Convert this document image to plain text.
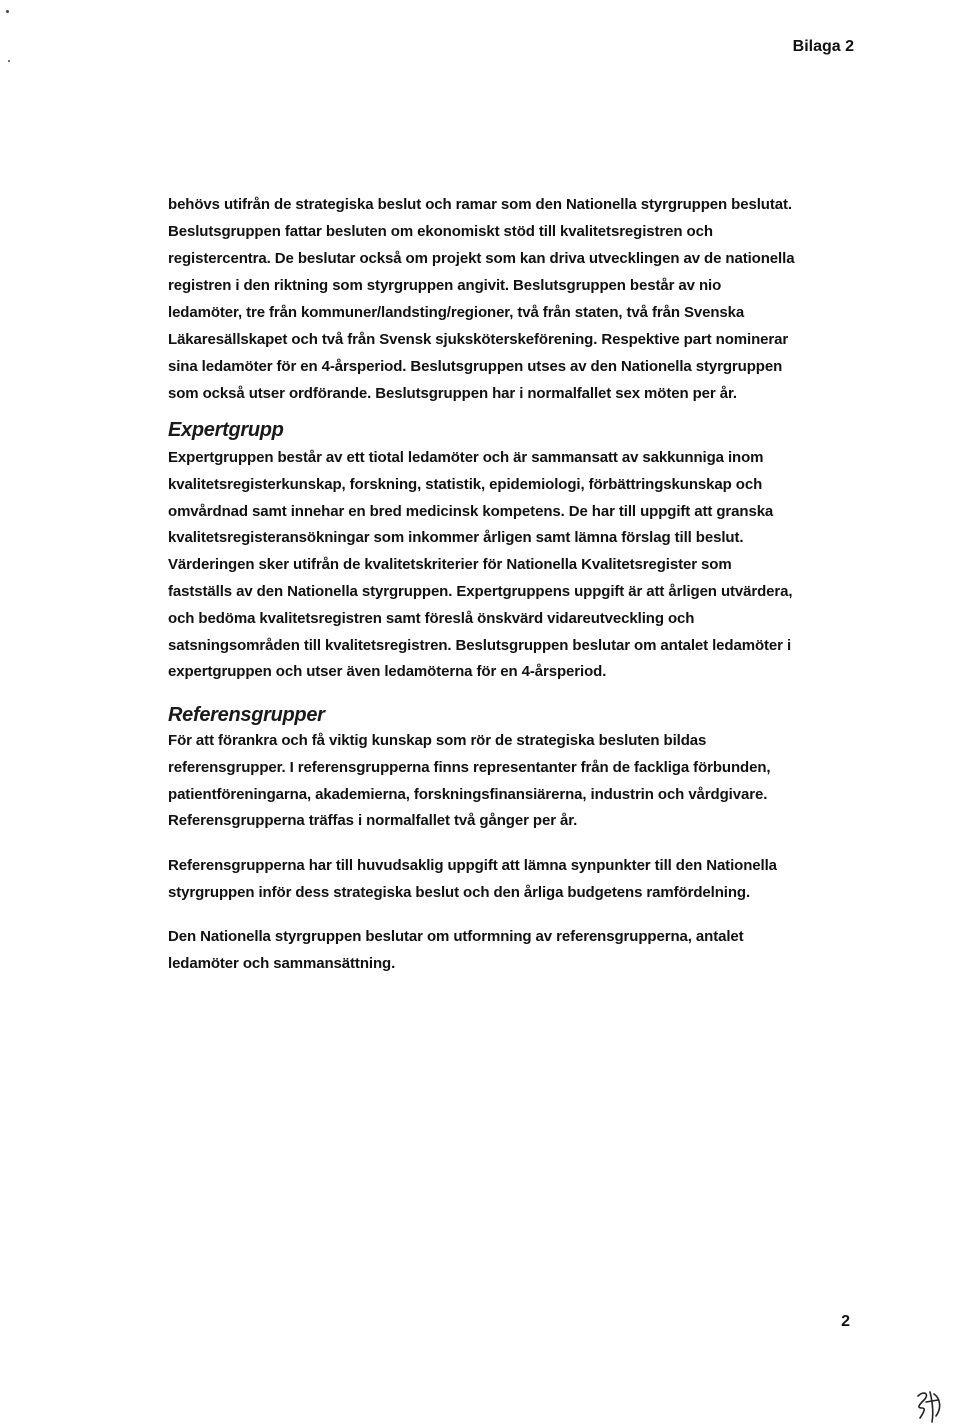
Bilaga 2
behövs utifrån de strategiska beslut och ramar som den Nationella styrgruppen beslutat.
Beslutsgruppen fattar besluten om ekonomiskt stöd till kvalitetsregistren och
registercentra. De beslutar också om projekt som kan driva utvecklingen av de nationella
registren i den riktning som styrgruppen angivit. Beslutsgruppen består av nio
ledamöter, tre från kommuner/landsting/regioner, två från staten, två från Svenska
Läkaresällskapet och två från Svensk sjuksköterskeförening. Respektive part nominerar
sina ledamöter för en 4-årsperiod. Beslutsgruppen utses av den Nationella styrgruppen
som också utser ordförande. Beslutsgruppen har i normalfallet sex möten per år.
Expertgrupp
Expertgruppen består av ett tiotal ledamöter och är sammansatt av sakkunniga inom
kvalitetsregisterkunskap, forskning, statistik, epidemiologi, förbättringskunskap och
omvårdnad samt innehar en bred medicinsk kompetens. De har till uppgift att granska
kvalitetsregisteransökningar som inkommer årligen samt lämna förslag till beslut.
Värderingen sker utifrån de kvalitetskriterier för Nationella Kvalitetsregister som
fastställs av den Nationella styrgruppen. Expertgruppens uppgift är att årligen utvärdera,
och bedöma kvalitetsregistren samt föreslå önskvärd vidareutveckling och
satsningsområden till kvalitetsregistren. Beslutsgruppen beslutar om antalet ledamöter i
expertgruppen och utser även ledamöterna för en 4-årsperiod.
Referensgrupper
För att förankra och få viktig kunskap som rör de strategiska besluten bildas
referensgrupper. I referensgrupperna finns representanter från de fackliga förbunden,
patientföreningarna, akademierna, forskningsfinansiärerna, industrin och vårdgivare.
Referensgrupperna träffas i normalfallet två gånger per år.
Referensgrupperna har till huvudsaklig uppgift att lämna synpunkter till den Nationella
styrgruppen inför dess strategiska beslut och den årliga budgetens ramfördelning.
Den Nationella styrgruppen beslutar om utformning av referensgrupperna, antalet
ledamöter och sammansättning.
2
